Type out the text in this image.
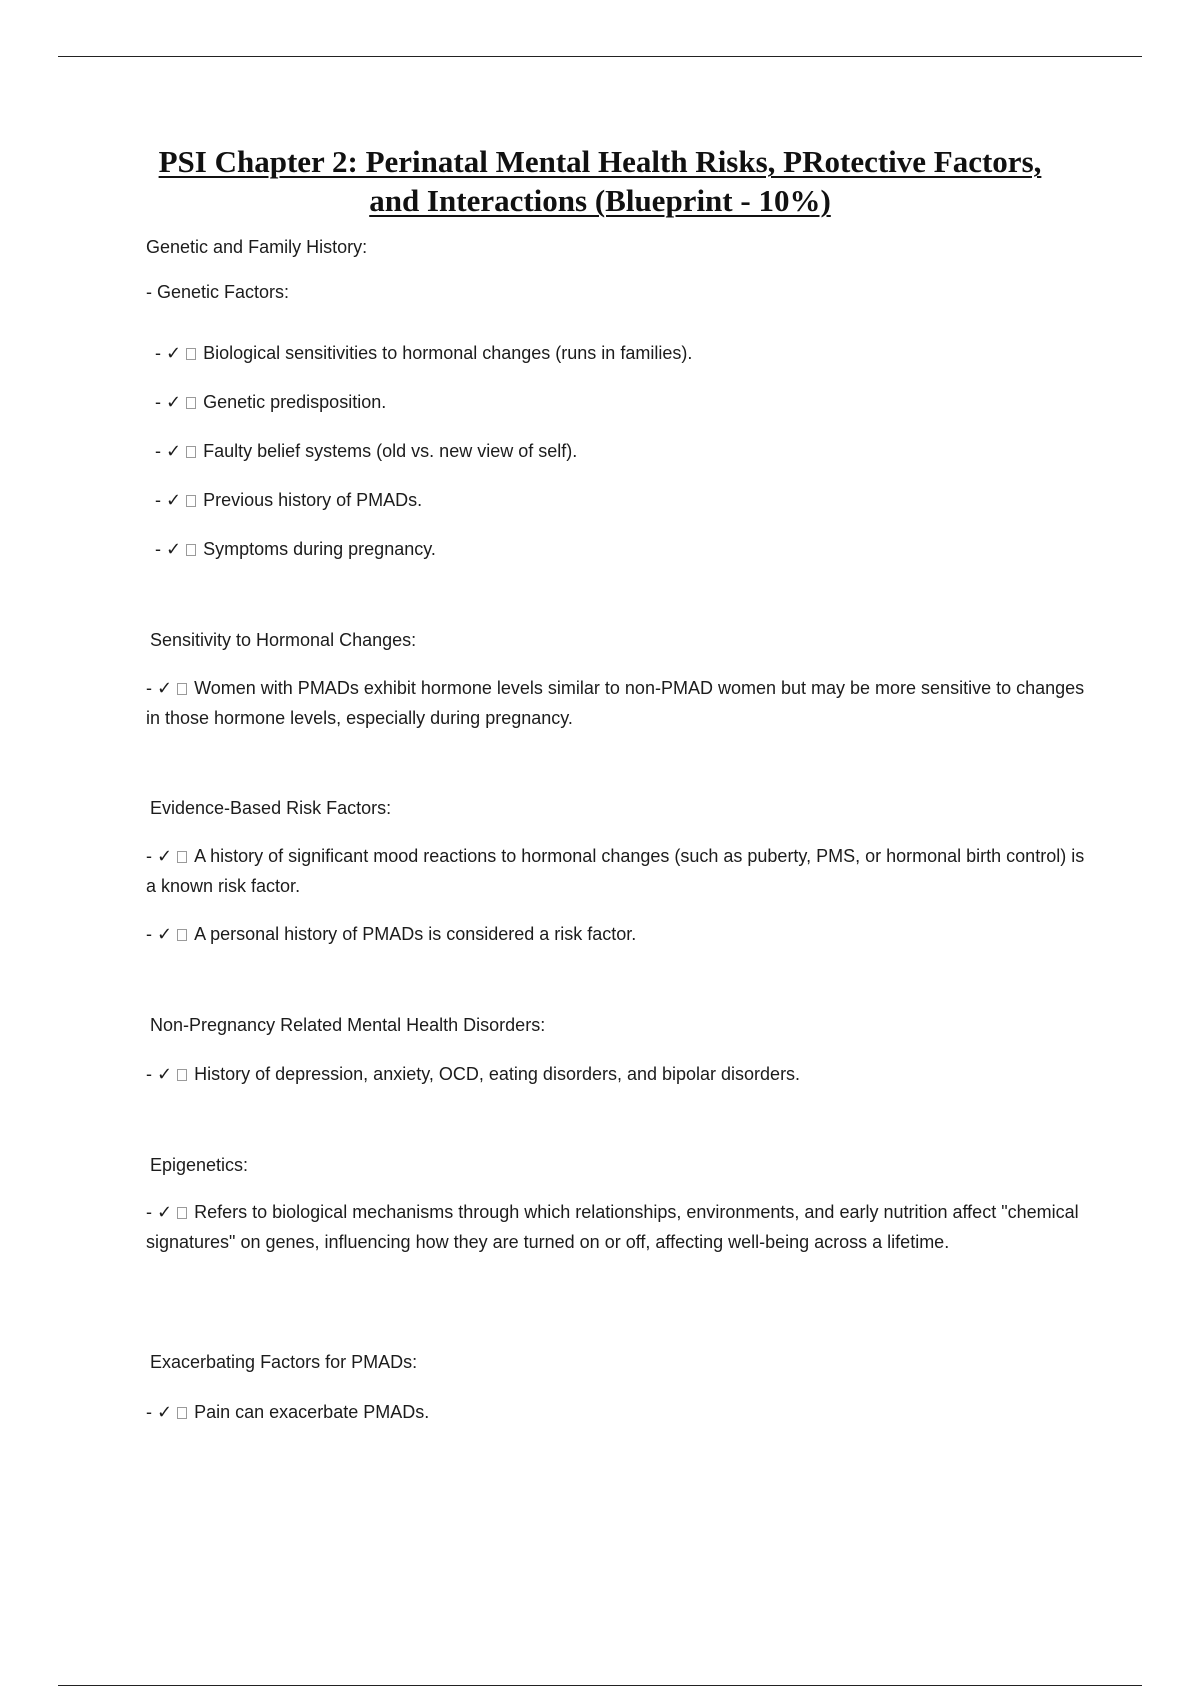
PSI Chapter 2: Perinatal Mental Health Risks, PRotective Factors,
and Interactions (Blueprint - 10%)
Genetic and Family History:
- Genetic Factors:
- ✓ Biological sensitivities to hormonal changes (runs in families).
- ✓ Genetic predisposition.
- ✓ Faulty belief systems (old vs. new view of self).
- ✓ Previous history of PMADs.
- ✓ Symptoms during pregnancy.
Sensitivity to Hormonal Changes:
- ✓ Women with PMADs exhibit hormone levels similar to non-PMAD women but may be more sensitive to changes in those hormone levels, especially during pregnancy.
Evidence-Based Risk Factors:
- ✓ A history of significant mood reactions to hormonal changes (such as puberty, PMS, or hormonal birth control) is a known risk factor.
- ✓ A personal history of PMADs is considered a risk factor.
Non-Pregnancy Related Mental Health Disorders:
- ✓ History of depression, anxiety, OCD, eating disorders, and bipolar disorders.
Epigenetics:
- ✓ Refers to biological mechanisms through which relationships, environments, and early nutrition affect "chemical signatures" on genes, influencing how they are turned on or off, affecting well-being across a lifetime.
Exacerbating Factors for PMADs:
- ✓ Pain can exacerbate PMADs.
